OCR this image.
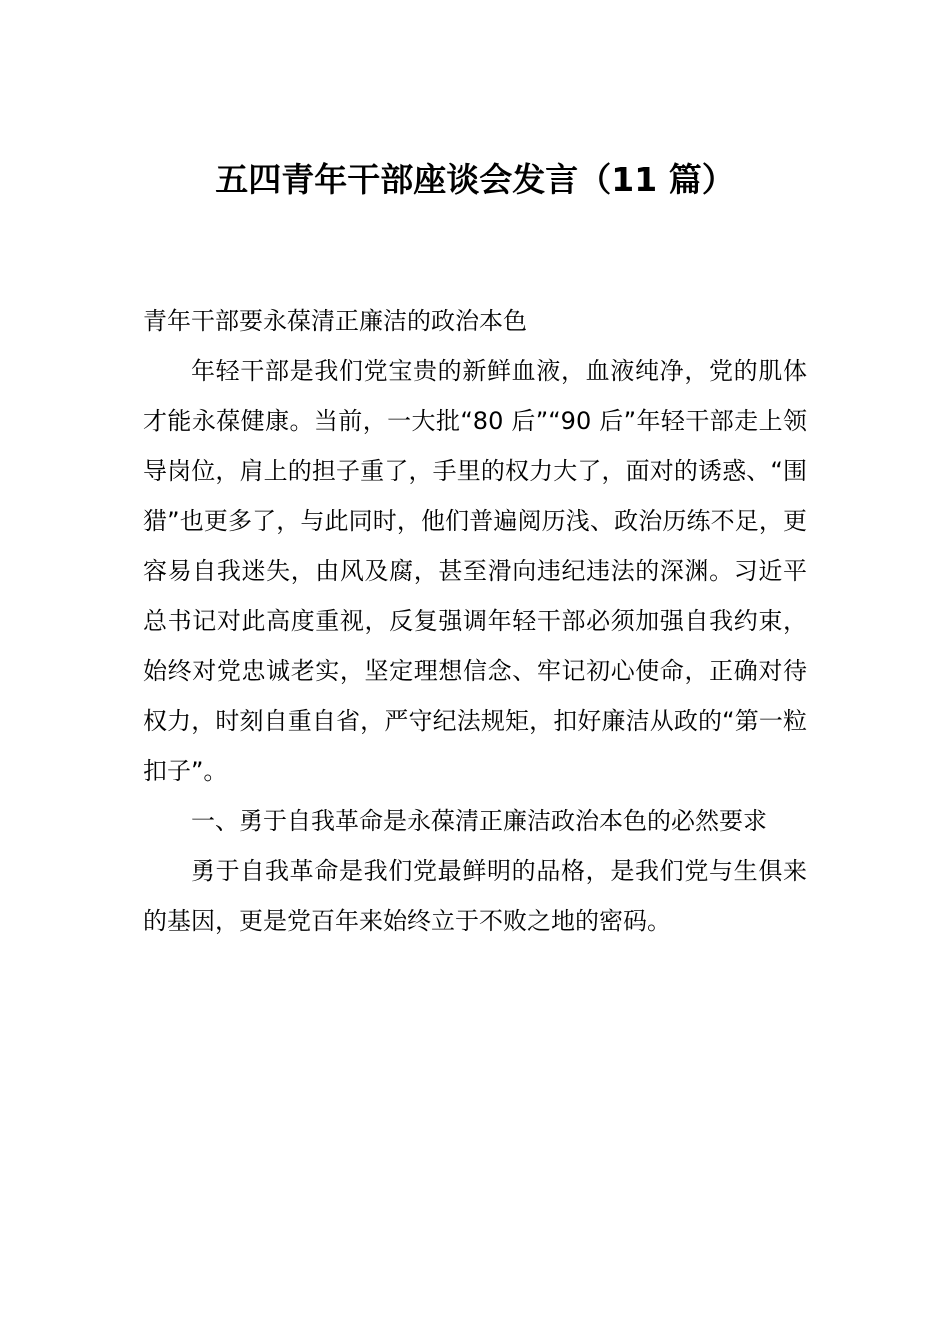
五四青年干部座谈会发言（11 篇）

青年干部要永葆清正廉洁的政治本色

年轻干部是我们党宝贵的新鲜血液，血液纯净，党的肌体才能永葆健康。当前，一大批“80 后”“90 后”年轻干部走上领导岗位，肩上的担子重了，手里的权力大了，面对的诱惑、“围猎”也更多了，与此同时，他们普遍阅历浅、政治历练不足，更容易自我迷失，由风及腐，甚至滑向违纪违法的深渊。习近平总书记对此高度重视，反复强调年轻干部必须加强自我约束，始终对党忠诚老实，坚定理想信念、牢记初心使命，正确对待权力，时刻自重自省，严守纪法规矩，扣好廉洁从政的“第一粒扣子”。

一、勇于自我革命是永葆清正廉洁政治本色的必然要求

勇于自我革命是我们党最鲜明的品格，是我们党与生俱来的基因，更是党百年来始终立于不败之地的密码。
